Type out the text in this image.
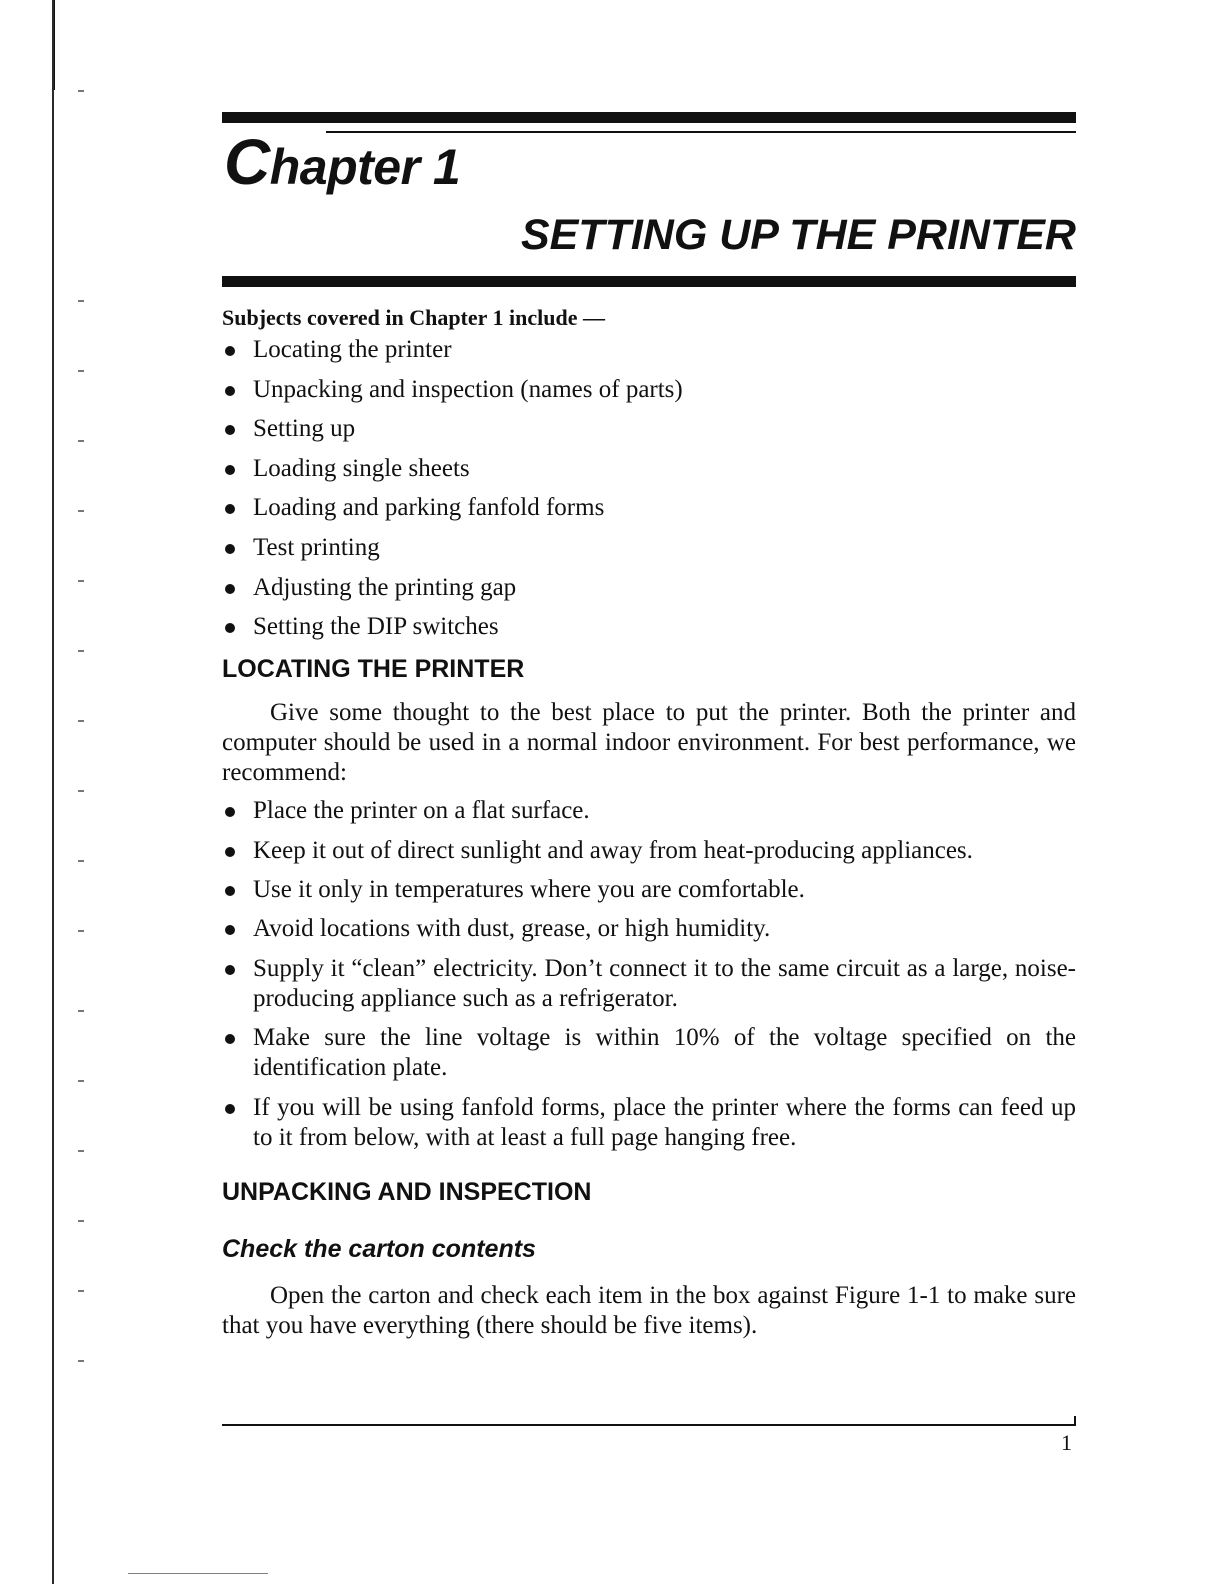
Chapter 1
SETTING UP THE PRINTER

Subjects covered in Chapter 1 include —

Locating the printer
Unpacking and inspection (names of parts)
Setting up
Loading single sheets
Loading and parking fanfold forms
Test printing
Adjusting the printing gap
Setting the DIP switches
LOCATING THE PRINTER

Give some thought to the best place to put the printer. Both the printer and computer should be used in a normal indoor environment. For best performance, we recommend:

Place the printer on a flat surface.
Keep it out of direct sunlight and away from heat-producing appliances.
Use it only in temperatures where you are comfortable.
Avoid locations with dust, grease, or high humidity.
Supply it “clean” electricity. Don’t connect it to the same circuit as a large, noise-producing appliance such as a refrigerator.
Make sure the line voltage is within 10% of the voltage specified on the identification plate.
If you will be using fanfold forms, place the printer where the forms can feed up to it from below, with at least a full page hanging free.
UNPACKING AND INSPECTION
Check the carton contents

Open the carton and check each item in the box against Figure 1-1 to make sure that you have everything (there should be five items).

1
